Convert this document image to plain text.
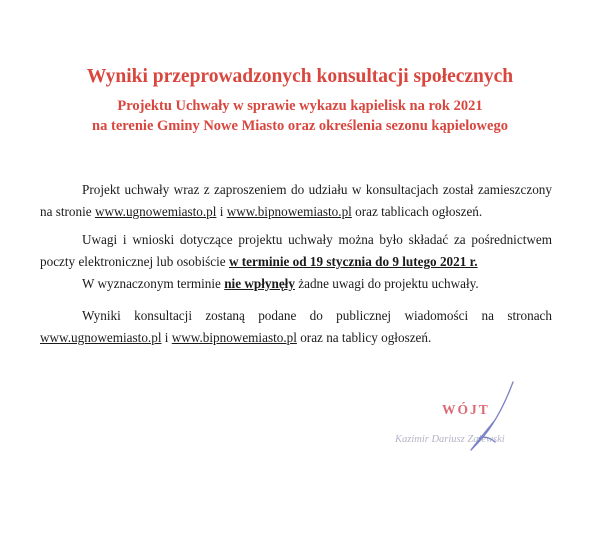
Wyniki przeprowadzonych konsultacji społecznych
Projektu Uchwały w sprawie wykazu kąpielisk na rok 2021
na terenie Gminy Nowe Miasto oraz określenia sezonu kąpielowego

Projekt uchwały wraz z zaproszeniem do udziału w konsultacjach został zamieszczony na stronie www.ugnowemiasto.pl i www.bipnowemiasto.pl oraz tablicach ogłoszeń.

Uwagi i wnioski dotyczące projektu uchwały można było składać za pośrednictwem poczty elektronicznej lub osobiście w terminie od 19 stycznia do 9 lutego 2021 r.

W wyznaczonym terminie nie wpłynęły żadne uwagi do projektu uchwały.

Wyniki konsultacji zostaną podane do publicznej wiadomości na stronach www.ugnowemiasto.pl i www.bipnowemiasto.pl oraz na tablicy ogłoszeń.

WÓJT
Kazimir Dariusz Zalewski
